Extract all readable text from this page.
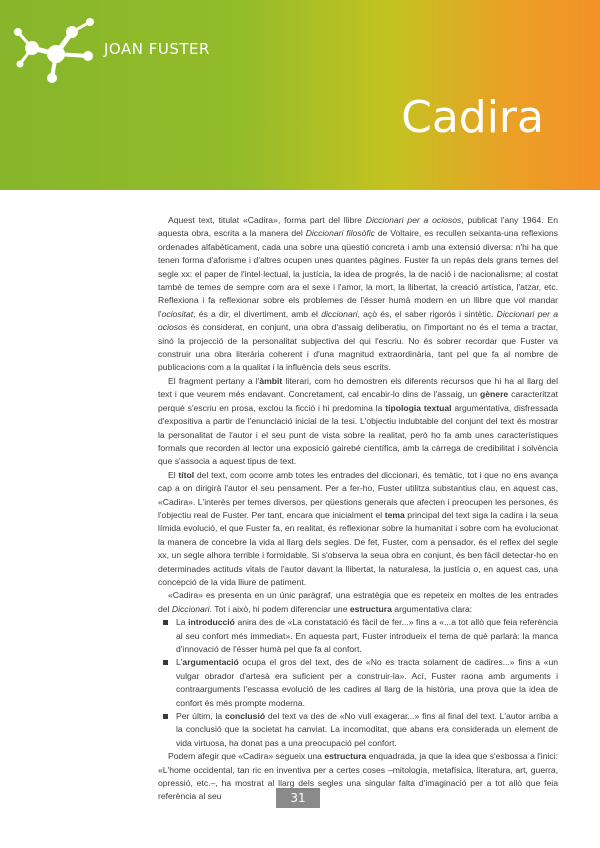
JOAN FUSTER
Cadira

Aquest text, titulat «Cadira», forma part del llibre Diccionari per a ociosos, publicat l'any 1964. En aquesta obra, escrita a la manera del Diccionari filosòfic de Voltaire, es recullen seixanta-una reflexions ordenades alfabèticament, cada una sobre una qüestió concreta i amb una extensió diversa: n'hi ha que tenen forma d'aforisme i d'altres ocupen unes quantes pàgines. Fuster fa un repàs dels grans temes del segle xx: el paper de l'intel·lectual, la justícia, la idea de progrés, la de nació i de nacionalisme; al costat també de temes de sempre com ara el sexe i l'amor, la mort, la llibertat, la creació artística, l'atzar, etc. Reflexiona i fa reflexionar sobre els problemes de l'ésser humà modern en un llibre que vol mandar l'ociositat, és a dir, el divertiment, amb el diccionari, açò és, el saber rigorós i sintètic. Diccionari per a ociosos és considerat, en conjunt, una obra d'assaig deliberatiu, on l'important no és el tema a tractar, sinó la projecció de la personalitat subjectiva del qui l'escriu. No és sobrer recordar que Fuster va construir una obra literària coherent i d'una magnitud extraordinària, tant pel que fa al nombre de publicacions com a la qualitat i la influència dels seus escrits.

El fragment pertany a l'àmbit literari, com ho demostren els diferents recursos que hi ha al llarg del text i que veurem més endavant. Concretament, cal encabir-lo dins de l'assaig, un gènere caracteritzat perquè s'escriu en prosa, exclou la ficció i hi predomina la tipologia textual argumentativa, disfressada d'expositiva a partir de l'enunciació inicial de la tesi. L'objectiu indubtable del conjunt del text és mostrar la personalitat de l'autor i el seu punt de vista sobre la realitat, però ho fa amb unes característiques formals que recorden al lector una exposició gairebé científica, amb la càrrega de credibilitat i solvència que s'associa a aquest tipus de text.

El títol del text, com ocorre amb totes les entrades del diccionari, és temàtic, tot i que no ens avança cap a on dirigirà l'autor el seu pensament. Per a fer-ho, Fuster utilitza substantius clau, en aquest cas, «Cadira». L'interès per temes diversos, per qüestions generals que afecten i preocupen les persones, és l'objectiu real de Fuster. Per tant, encara que inicialment el tema principal del text siga la cadira i la seua límida evolució, el que Fuster fa, en realitat, és reflexionar sobre la humanitat i sobre com ha evolucionat la manera de concebre la vida al llarg dels segles. De fet, Fuster, com a pensador, és el reflex del segle xx, un segle alhora terrible i formidable. Si s'observa la seua obra en conjunt, és ben fàcil detectar-ho en determinades actituds vitals de l'autor davant la llibertat, la naturalesa, la justícia o, en aquest cas, una concepció de la vida lliure de patiment.

«Cadira» es presenta en un únic paràgraf, una estratègia que es repeteix en moltes de les entrades del Diccionari. Tot i això, hi podem diferenciar une estructura argumentativa clara:

La introducció anira des de «La constatació és fàcil de fer...» fins a «...a tot allò que feia referència al seu confort més immediat». En aquesta part, Fuster introdueix el tema de què parlarà: la manca d'innovació de l'ésser humà pel que fa al confort.
L'argumentació ocupa el gros del text, des de «No es tracta solament de cadires...» fins a «un vulgar obrador d'artesà era suficient per a construir-la». Ací, Fuster raona amb arguments i contraarguments l'escassa evolució de les cadires al llarg de la història, una prova que la idea de confort és més prompte moderna.
Per últim, la conclusió del text va des de «No vull exagerar...» fins al final del text. L'autor arriba a la conclusió que la societat ha canviat. La incomoditat, que abans era considerada un element de vida virtuosa, ha donat pas a una preocupació pel confort.

Podem afegir que «Cadira» segueix una estructura enquadrada, ja que la idea que s'esbossa a l'inici: «L'home occidental, tan ric en inventiva per a certes coses –mitologia, metafísica, literatura, art, guerra, opressió, etc.–, ha mostrat al llarg dels segles una singular falta d'imaginació per a tot allò que feia referència al seu	31
